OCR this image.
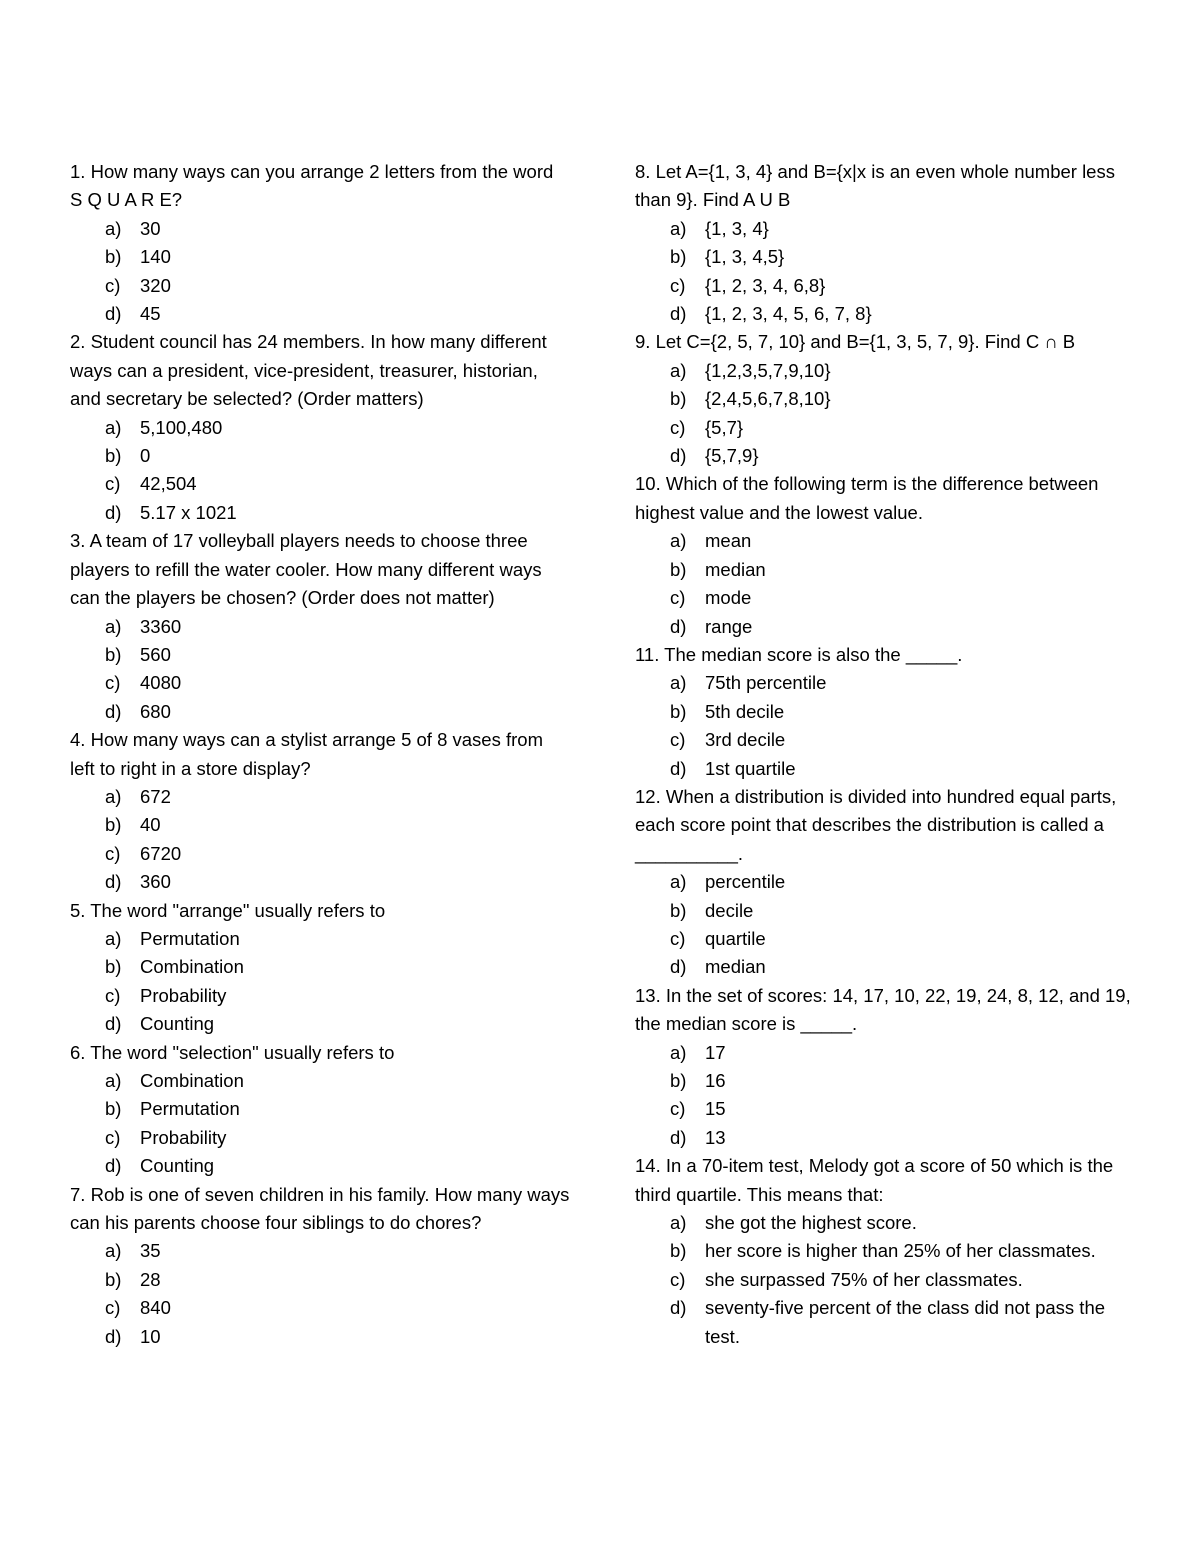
1. How many ways can you arrange 2 letters from the word S Q U A R E?
a) 30
b) 140
c) 320
d) 45
2. Student council has 24 members. In how many different ways can a president, vice-president, treasurer, historian, and secretary be selected? (Order matters)
a) 5,100,480
b) 0
c) 42,504
d) 5.17 x 1021
3. A team of 17 volleyball players needs to choose three players to refill the water cooler. How many different ways can the players be chosen? (Order does not matter)
a) 3360
b) 560
c) 4080
d) 680
4. How many ways can a stylist arrange 5 of 8 vases from left to right in a store display?
a) 672
b) 40
c) 6720
d) 360
5. The word "arrange" usually refers to
a) Permutation
b) Combination
c) Probability
d) Counting
6. The word "selection" usually refers to
a) Combination
b) Permutation
c) Probability
d) Counting
7. Rob is one of seven children in his family. How many ways can his parents choose four siblings to do chores?
a) 35
b) 28
c) 840
d) 10
8. Let A={1, 3, 4} and B={x|x is an even whole number less than 9}. Find A U B
a) {1, 3, 4}
b) {1, 3, 4,5}
c) {1, 2, 3, 4, 6,8}
d) {1, 2, 3, 4, 5, 6, 7, 8}
9. Let C={2, 5, 7, 10} and B={1, 3, 5, 7, 9}. Find C ∩ B
a) {1,2,3,5,7,9,10}
b) {2,4,5,6,7,8,10}
c) {5,7}
d) {5,7,9}
10. Which of the following term is the difference between highest value and the lowest value.
a) mean
b) median
c) mode
d) range
11. The median score is also the _____.
a) 75th percentile
b) 5th decile
c) 3rd decile
d) 1st quartile
12. When a distribution is divided into hundred equal parts, each score point that describes the distribution is called a __________.
a) percentile
b) decile
c) quartile
d) median
13. In the set of scores: 14, 17, 10, 22, 19, 24, 8, 12, and 19, the median score is _____.
a) 17
b) 16
c) 15
d) 13
14. In a 70-item test, Melody got a score of 50 which is the third quartile. This means that:
a) she got the highest score.
b) her score is higher than 25% of her classmates.
c) she surpassed 75% of her classmates.
d) seventy-five percent of the class did not pass the test.
